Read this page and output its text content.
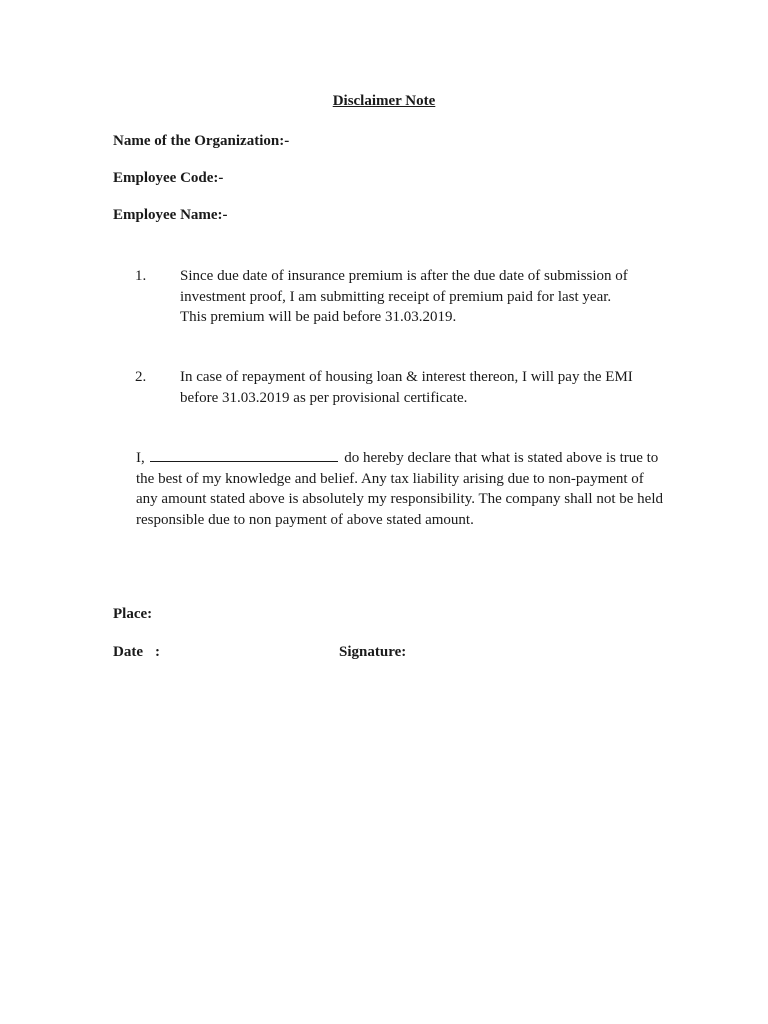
Disclaimer Note
Name of the Organization:-
Employee Code:-
Employee Name:-
1. Since due date of insurance premium is after the due date of submission of investment proof, I am submitting receipt of premium paid for last year. This premium will be paid before 31.03.2019.
2. In case of repayment of housing loan & interest thereon, I will pay the EMI before 31.03.2019 as per provisional certificate.
I,	do hereby declare that what is stated above is true to the best of my knowledge and belief. Any tax liability arising due to non-payment of any amount stated above is absolutely my responsibility. The company shall not be held responsible due to non payment of above stated amount.
Place:
Date :	Signature:
